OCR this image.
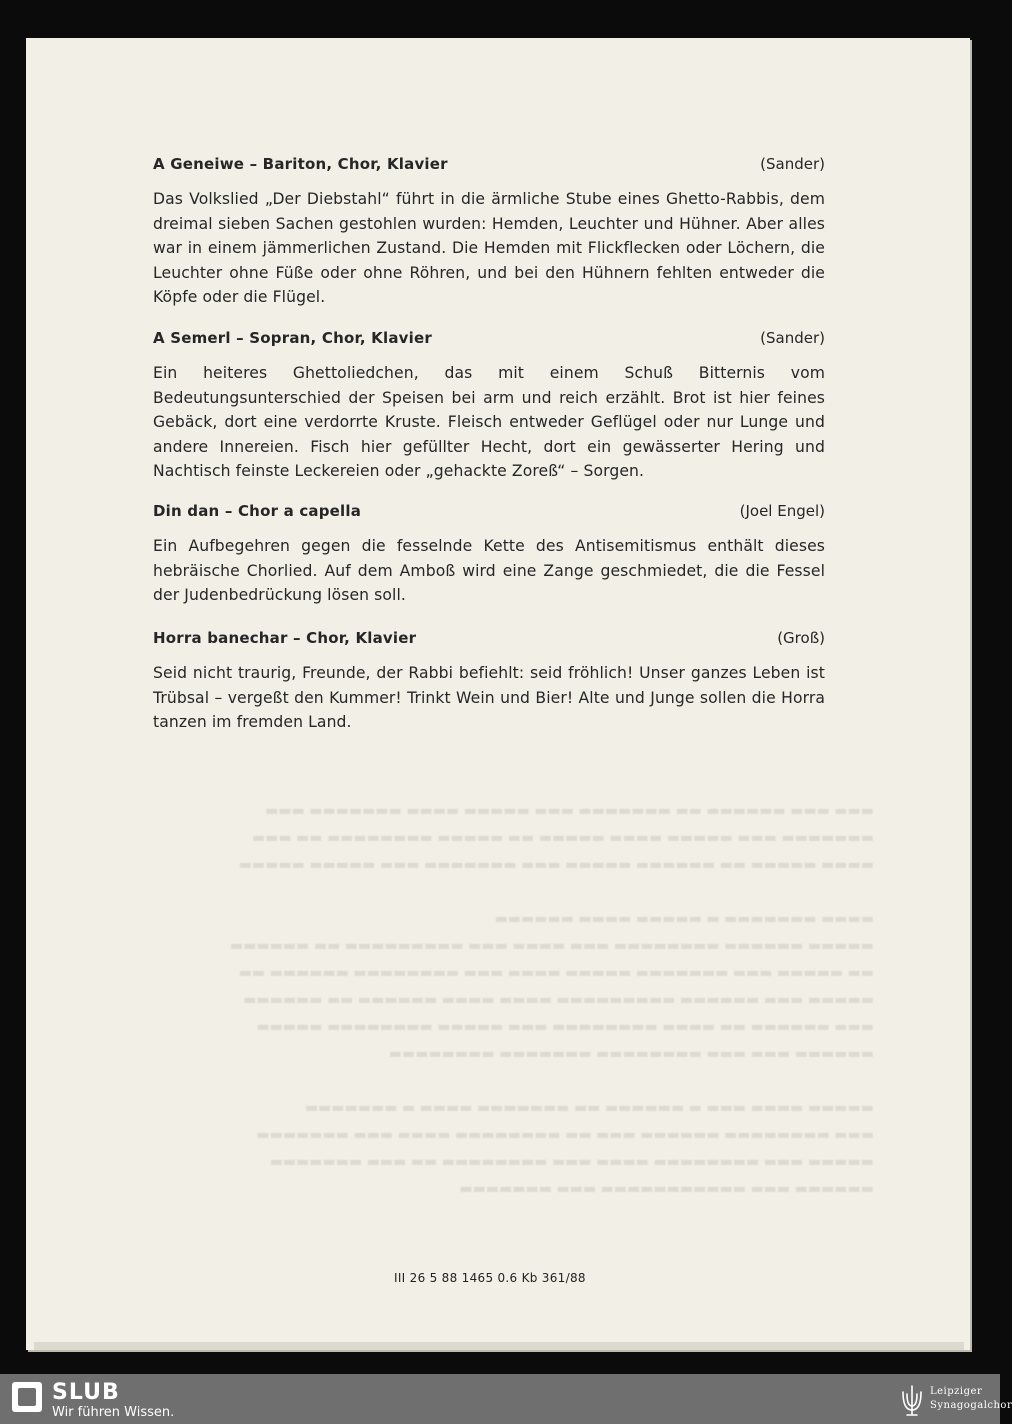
▬▬▬ ▬▬▬ ▬▬▬▬▬▬ ▬▬ ▬▬▬▬▬▬▬ ▬▬▬ ▬▬▬▬▬ ▬▬▬▬ ▬▬▬▬▬▬▬ ▬▬▬
▬▬▬▬▬▬▬ ▬▬▬ ▬▬▬▬▬ ▬▬▬▬ ▬▬▬▬▬ ▬▬ ▬▬▬▬▬ ▬▬▬▬▬▬▬▬ ▬▬ ▬▬▬
▬▬▬▬ ▬▬▬▬▬ ▬▬ ▬▬▬▬▬▬ ▬▬▬▬▬ ▬▬▬ ▬▬▬▬▬▬▬ ▬▬▬ ▬▬▬▬▬ ▬▬▬▬▬

▬▬▬▬ ▬▬▬▬▬▬▬ ▬ ▬▬▬▬▬ ▬▬▬▬ ▬▬▬▬▬▬
▬▬▬▬▬ ▬▬▬▬▬▬ ▬▬▬▬▬▬▬▬ ▬▬▬ ▬▬▬▬ ▬▬▬ ▬▬▬▬▬▬▬▬▬ ▬▬ ▬▬▬▬▬▬
▬▬ ▬▬▬▬▬ ▬▬▬ ▬▬▬▬▬▬▬ ▬▬▬▬▬ ▬▬▬▬ ▬▬▬ ▬▬▬▬▬▬▬▬ ▬▬▬▬▬▬ ▬▬
▬▬▬▬▬ ▬▬▬ ▬▬▬▬▬▬ ▬▬▬▬▬▬▬▬▬ ▬▬▬▬ ▬▬▬▬ ▬▬▬▬▬▬ ▬▬ ▬▬▬▬▬▬
▬▬▬ ▬▬▬▬▬▬ ▬▬ ▬▬▬▬ ▬▬▬▬▬▬▬▬ ▬▬▬ ▬▬▬▬▬ ▬▬▬▬▬▬▬▬ ▬▬▬▬▬
▬▬▬▬▬▬ ▬▬▬ ▬▬▬ ▬▬▬▬▬▬▬▬ ▬▬▬▬▬▬▬ ▬▬▬▬▬▬▬▬

▬▬▬▬▬ ▬▬▬▬ ▬▬▬ ▬ ▬▬▬▬▬▬ ▬▬ ▬▬▬▬▬▬▬ ▬▬▬▬ ▬ ▬▬▬▬▬▬▬
▬▬▬ ▬▬▬▬▬▬▬▬ ▬▬▬▬▬▬ ▬▬▬ ▬▬ ▬▬▬▬▬▬▬▬ ▬▬▬▬ ▬▬▬ ▬▬▬▬▬▬▬
▬▬▬▬▬ ▬▬▬ ▬▬▬▬▬▬▬▬ ▬▬▬▬ ▬▬▬ ▬▬▬▬▬▬▬▬ ▬▬ ▬▬▬ ▬▬▬▬▬▬▬
▬▬▬▬▬▬ ▬▬▬ ▬▬▬▬▬▬▬▬▬▬▬ ▬▬▬ ▬▬▬▬▬▬▬
A Geneiwe – Bariton, Chor, Klavier	(Sander)
Das Volkslied „Der Diebstahl“ führt in die ärmliche Stube eines Ghetto-Rabbis, dem dreimal sieben Sachen gestohlen wurden: Hemden, Leuchter und Hühner. Aber alles war in einem jämmerlichen Zustand. Die Hemden mit Flickflecken oder Löchern, die Leuchter ohne Füße oder ohne Röhren, und bei den Hühnern fehlten entweder die Köpfe oder die Flügel.
A Semerl – Sopran, Chor, Klavier	(Sander)
Ein heiteres Ghettoliedchen, das mit einem Schuß Bitternis vom Bedeutungsunterschied der Speisen bei arm und reich erzählt. Brot ist hier feines Gebäck, dort eine verdorrte Kruste. Fleisch entweder Geflügel oder nur Lunge und andere Innereien. Fisch hier gefüllter Hecht, dort ein gewässerter Hering und Nachtisch feinste Leckereien oder „gehackte Zoreß“ – Sorgen.
Din dan – Chor a capella	(Joel Engel)
Ein Aufbegehren gegen die fesselnde Kette des Antisemitismus enthält dieses hebräische Chorlied. Auf dem Amboß wird eine Zange geschmiedet, die die Fessel der Judenbedrückung lösen soll.
Horra banechar – Chor, Klavier	(Groß)
Seid nicht traurig, Freunde, der Rabbi befiehlt: seid fröhlich! Unser ganzes Leben ist Trübsal – vergeßt den Kummer! Trinkt Wein und Bier! Alte und Junge sollen die Horra tanzen im fremden Land.
III 26 5 88 1465 0.6 Kb 361/88
SLUB
Wir führen Wissen.
Leipziger
Synagogalchor
